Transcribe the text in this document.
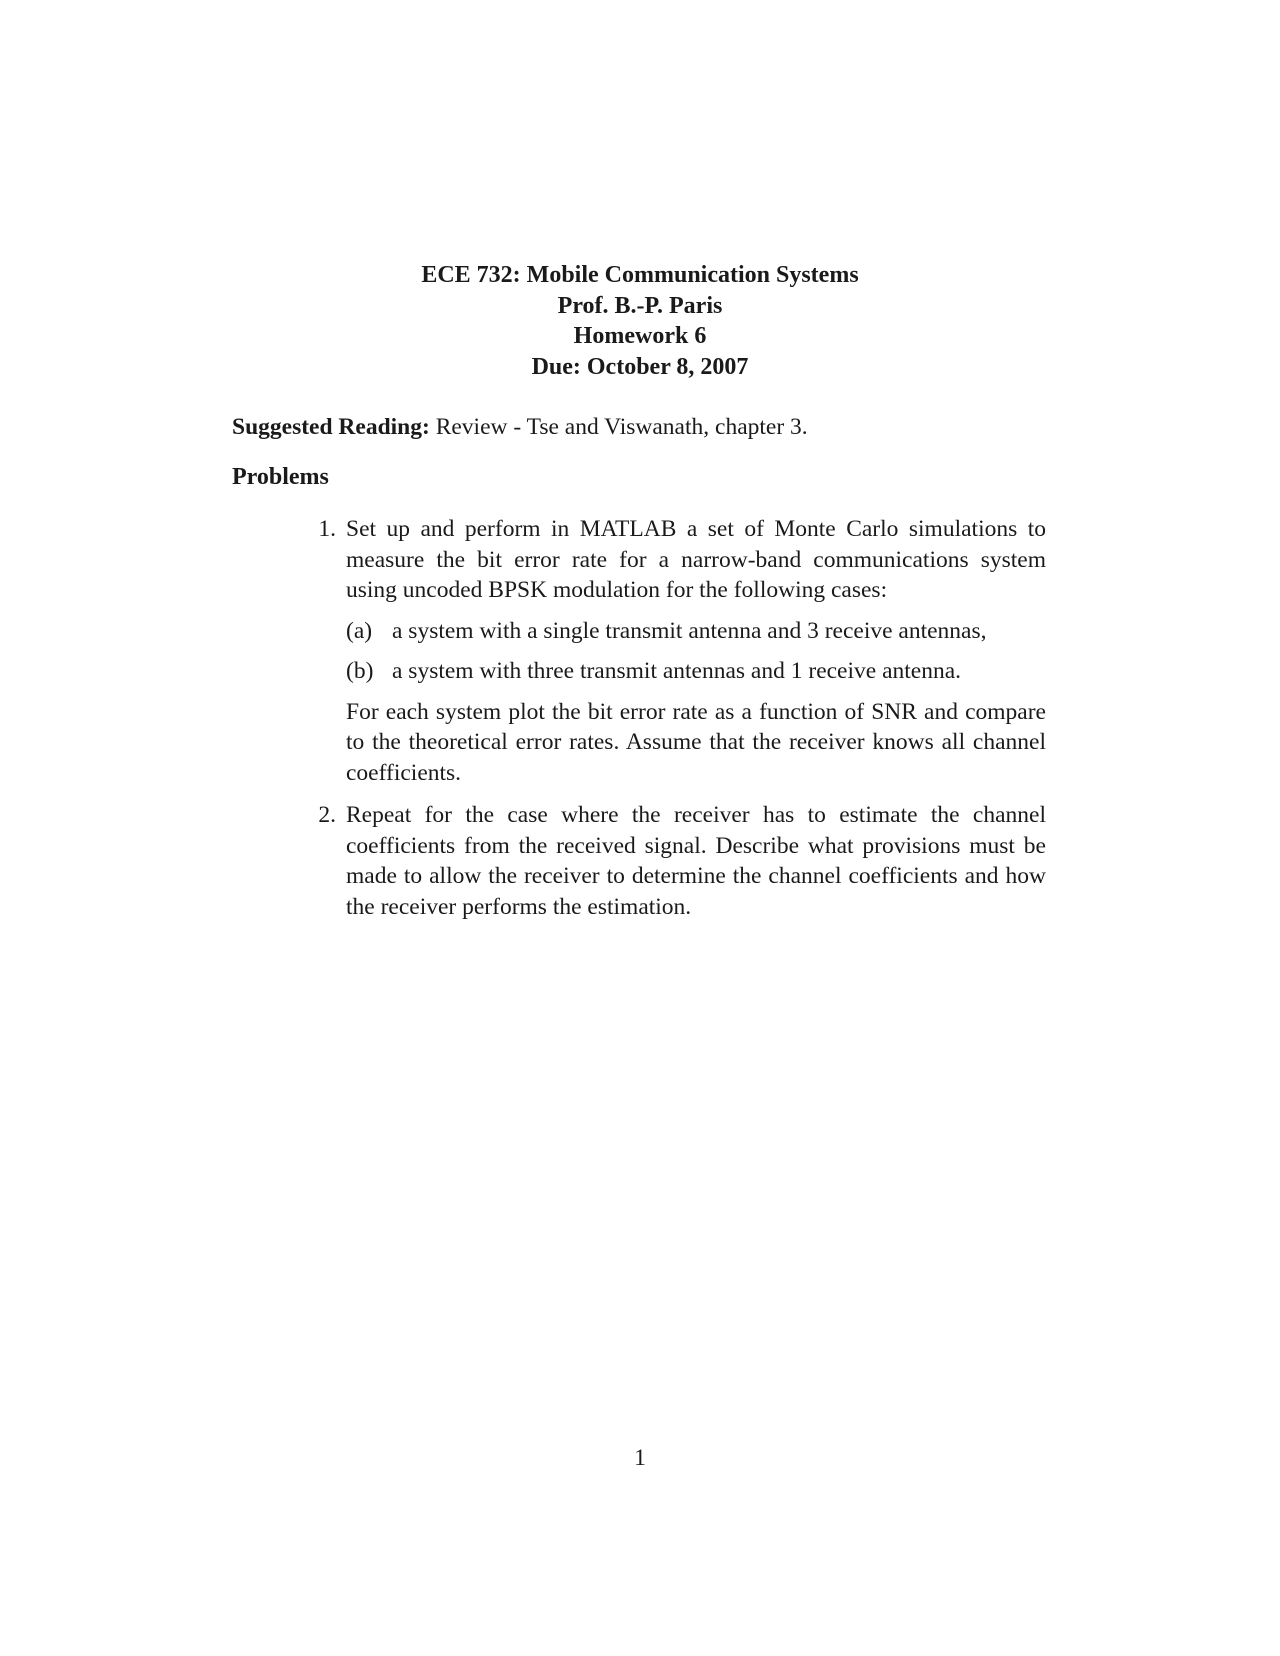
ECE 732: Mobile Communication Systems
Prof. B.-P. Paris
Homework 6
Due: October 8, 2007
Suggested Reading: Review - Tse and Viswanath, chapter 3.
Problems
1. Set up and perform in MATLAB a set of Monte Carlo simulations to measure the bit error rate for a narrow-band communications system using uncoded BPSK modulation for the following cases:

(a) a system with a single transmit antenna and 3 receive antennas,

(b) a system with three transmit antennas and 1 receive antenna.

For each system plot the bit error rate as a function of SNR and compare to the theoretical error rates. Assume that the receiver knows all channel coefficients.

2. Repeat for the case where the receiver has to estimate the channel coefficients from the received signal. Describe what provisions must be made to allow the receiver to determine the channel coefficients and how the receiver performs the estimation.

1
